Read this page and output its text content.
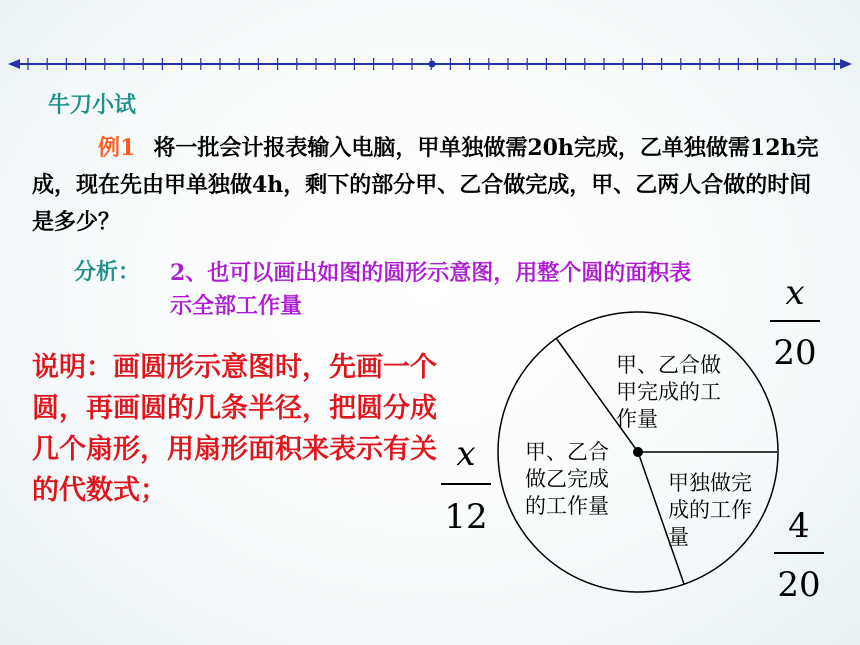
牛刀小试
例1 将一批会计报表输入电脑，甲单独做需20h完成，乙单独做需12h完成，现在先由甲单独做4h，剩下的部分甲、乙合做完成，甲、乙两人合做的时间是多少？
分析： 2、也可以画出如图的圆形示意图，用整个圆的面积表示全部工作量
说明：画圆形示意图时，先画一个圆，再画圆的几条半径，把圆分成几个扇形，用扇形面积来表示有关的代数式；
甲、乙合做
甲完成的工
作量
甲、乙合
做乙完成
的工作量
甲独做完
成的工作
量
x
20
x
12	4
20
